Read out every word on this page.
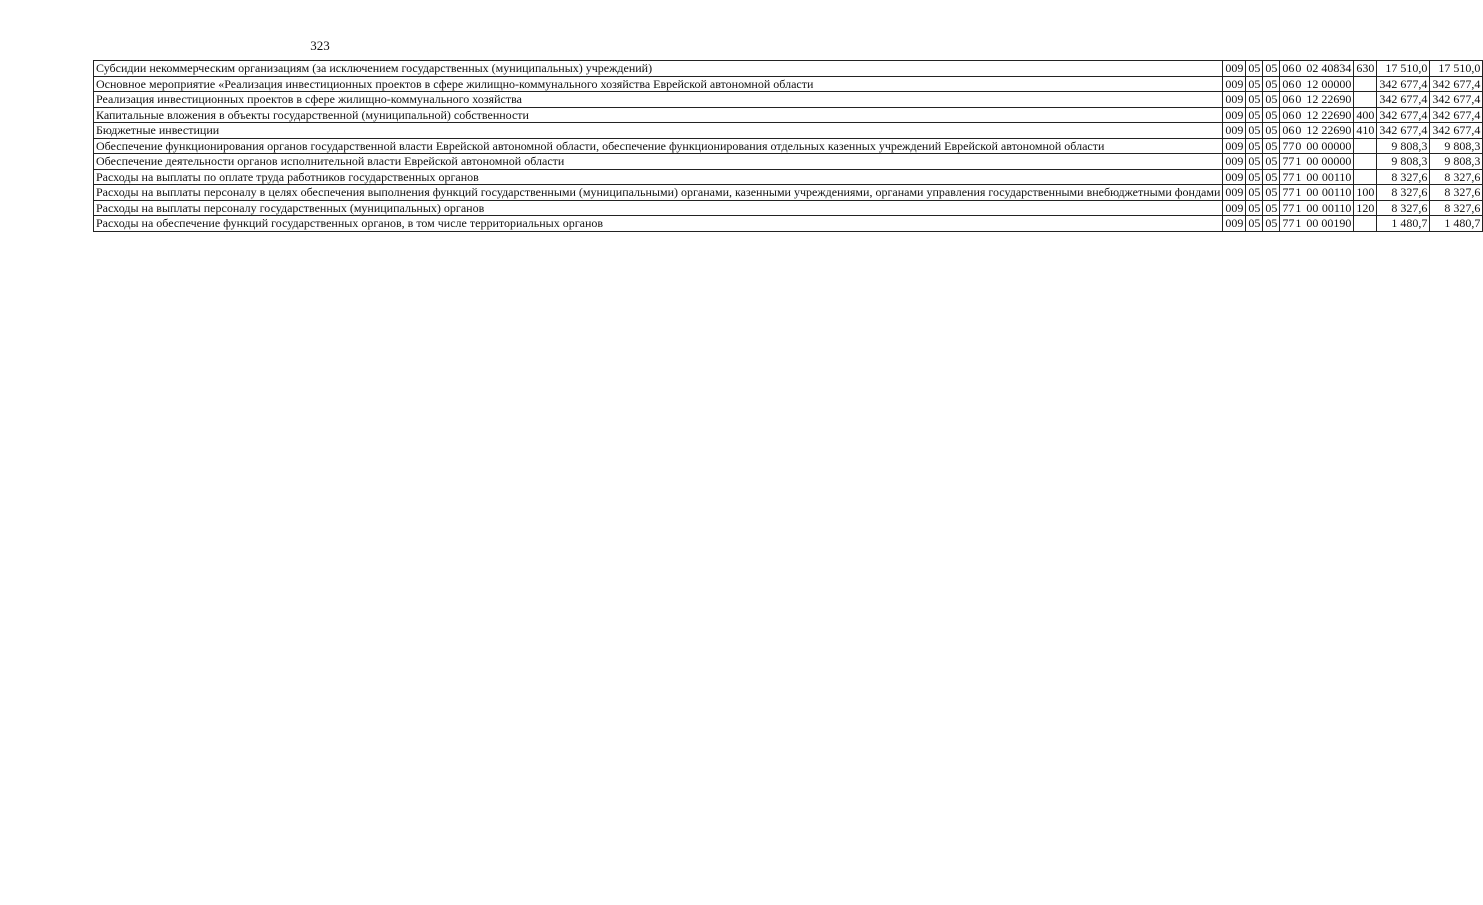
323
Субсидии некоммерческим организациям (за исключением государственных (муниципальных) учреждений)	009	05	05	060 02 40834	630	17 510,0	17 510,0
Основное мероприятие «Реализация инвестиционных проектов в сфере жилищно-коммунального хозяйства Еврейской автономной области	009	05	05	060 12 00000		342 677,4	342 677,4
Реализация инвестиционных проектов в сфере жилищно-коммунального хозяйства	009	05	05	060 12 22690		342 677,4	342 677,4
Капитальные вложения в объекты государственной (муниципальной) собственности	009	05	05	060 12 22690	400	342 677,4	342 677,4
Бюджетные инвестиции	009	05	05	060 12 22690	410	342 677,4	342 677,4
Обеспечение функционирования органов государственной власти Еврейской автономной области, обеспечение функционирования отдельных казенных учреждений Еврейской автономной области	009	05	05	770 00 00000		9 808,3	9 808,3
Обеспечение деятельности органов исполнительной власти Еврейской автономной области	009	05	05	771 00 00000		9 808,3	9 808,3
Расходы на выплаты по оплате труда работников государственных органов	009	05	05	771 00 00110		8 327,6	8 327,6
Расходы на выплаты персоналу в целях обеспечения выполнения функций государственными (муниципальными) органами, казенными учреждениями, органами управления государственными внебюджетными фондами	009	05	05	771 00 00110	100	8 327,6	8 327,6
Расходы на выплаты персоналу государственных (муниципальных) органов	009	05	05	771 00 00110	120	8 327,6	8 327,6
Расходы на обеспечение функций государственных органов, в том числе территориальных органов	009	05	05	771 00 00190		1 480,7	1 480,7
